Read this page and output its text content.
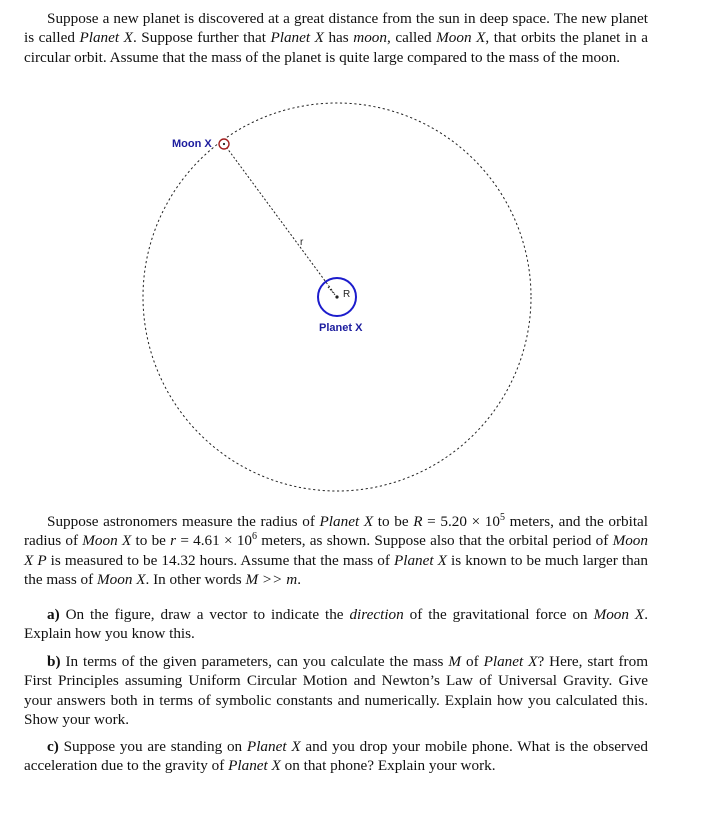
Suppose a new planet is discovered at a great distance from the sun in deep space. The new planet is called Planet X. Suppose further that Planet X has moon, called Moon X, that orbits the planet in a circular orbit. Assume that the mass of the planet is quite large compared to the mass of the moon.

Moon X
Planet X
r
R

Suppose astronomers measure the radius of Planet X to be $R = 5.20 \times 10^5$ meters, and the orbital radius of Moon X to be $r = 4.61 \times 10^6$ meters, as shown. Suppose also that the orbital period of Moon X P is measured to be 14.32 hours. Assume that the mass of Planet X is known to be much larger than the mass of Moon X. In other words M >> m.

a) On the figure, draw a vector to indicate the direction of the gravitational force on Moon X. Explain how you know this.

b) In terms of the given parameters, can you calculate the mass M of Planet X? Here, start from First Principles assuming Uniform Circular Motion and Newton’s Law of Universal Gravity. Give your answers both in terms of symbolic constants and numerically. Explain how you calculated this. Show your work.

c) Suppose you are standing on Planet X and you drop your mobile phone. What is the observed acceleration due to the gravity of Planet X on that phone? Explain your work.
